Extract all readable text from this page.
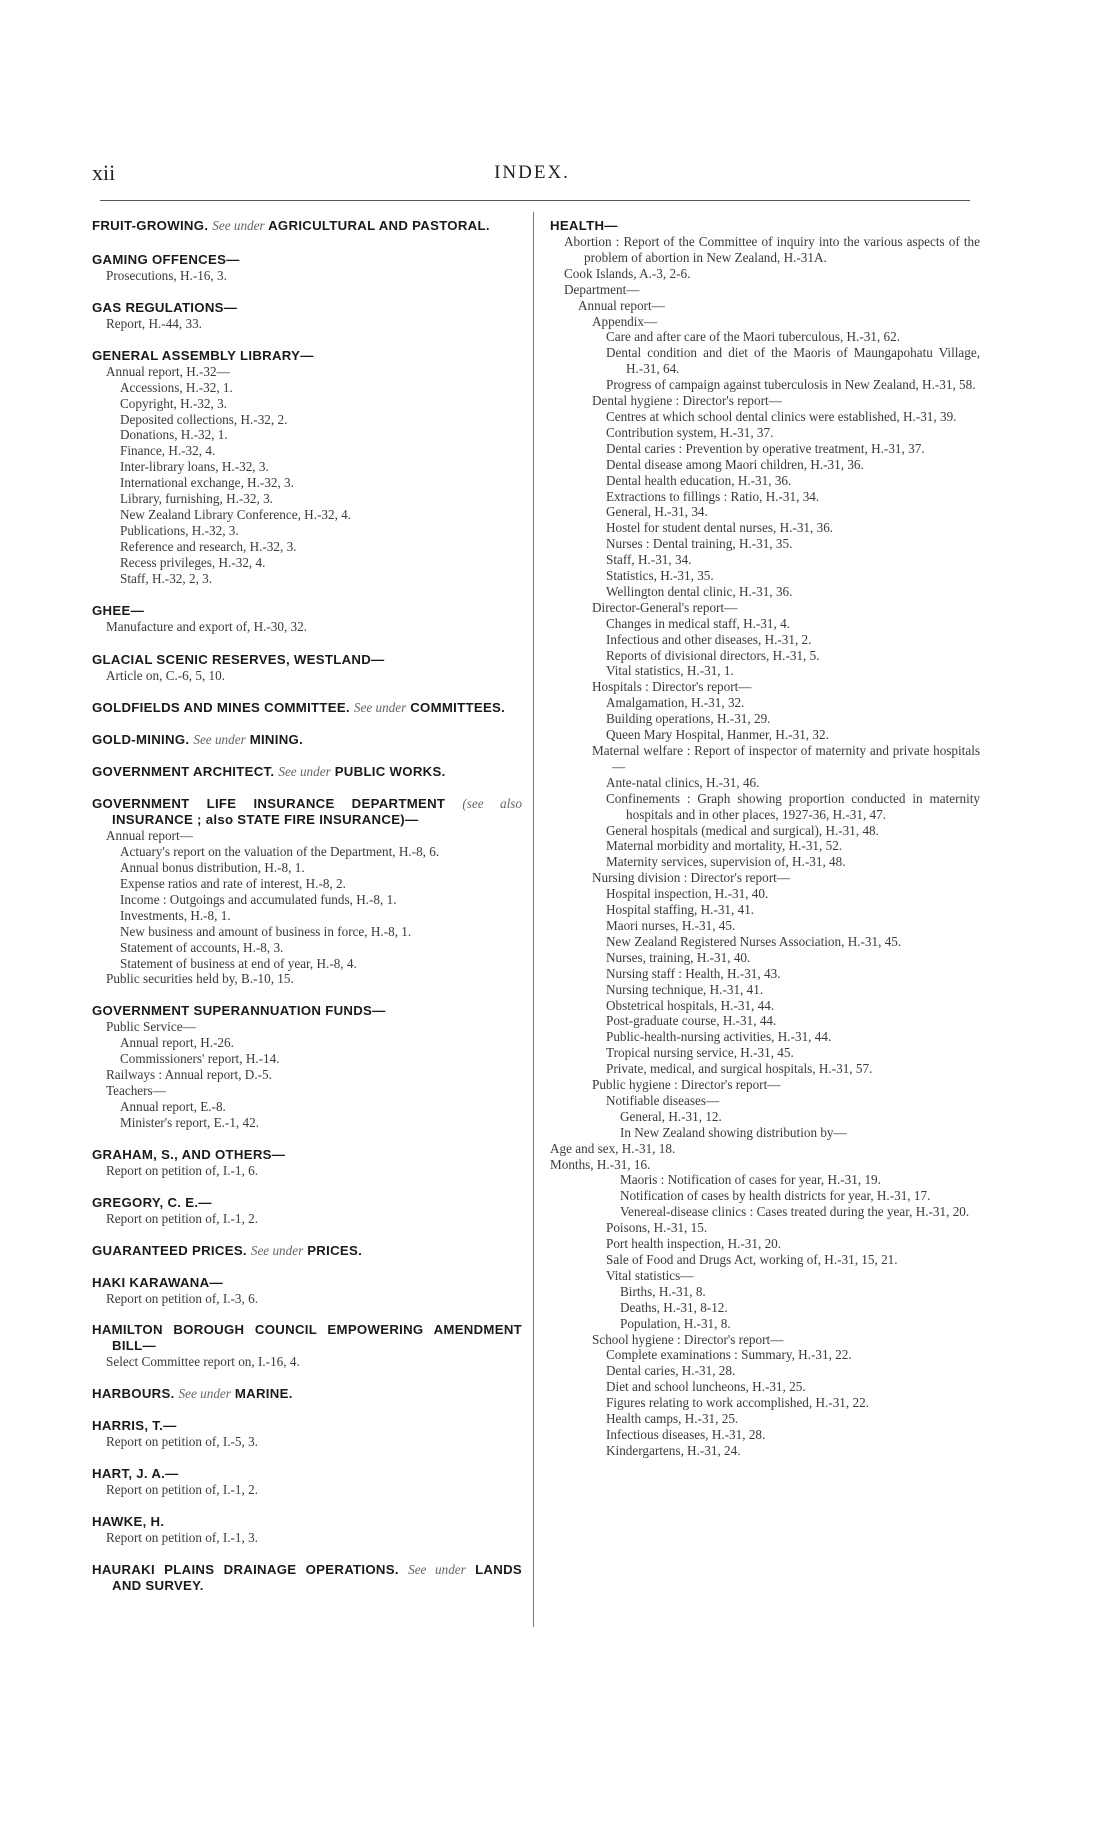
xii	INDEX.
FRUIT-GROWING. See under AGRICULTURAL AND PASTORAL.
GAMING OFFENCES—
Prosecutions, H.-16, 3.
GAS REGULATIONS—
Report, H.-44, 33.
GENERAL ASSEMBLY LIBRARY—
Annual report, H.-32—
Accessions, H.-32, 1.
Copyright, H.-32, 3.
Deposited collections, H.-32, 2.
Donations, H.-32, 1.
Finance, H.-32, 4.
Inter-library loans, H.-32, 3.
International exchange, H.-32, 3.
Library, furnishing, H.-32, 3.
New Zealand Library Conference, H.-32, 4.
Publications, H.-32, 3.
Reference and research, H.-32, 3.
Recess privileges, H.-32, 4.
Staff, H.-32, 2, 3.
GHEE—
Manufacture and export of, H.-30, 32.
GLACIAL SCENIC RESERVES, WESTLAND—
Article on, C.-6, 5, 10.
GOLDFIELDS AND MINES COMMITTEE. See under COMMITTEES.
GOLD-MINING. See under MINING.
GOVERNMENT ARCHITECT. See under PUBLIC WORKS.
GOVERNMENT LIFE INSURANCE DEPARTMENT (see also INSURANCE ; also STATE FIRE INSURANCE)—
Annual report—
Actuary's report on the valuation of the Department, H.-8, 6.
Annual bonus distribution, H.-8, 1.
Expense ratios and rate of interest, H.-8, 2.
Income : Outgoings and accumulated funds, H.-8, 1.
Investments, H.-8, 1.
New business and amount of business in force, H.-8, 1.
Statement of accounts, H.-8, 3.
Statement of business at end of year, H.-8, 4.
Public securities held by, B.-10, 15.
GOVERNMENT SUPERANNUATION FUNDS—
Public Service—
Annual report, H.-26.
Commissioners' report, H.-14.
Railways : Annual report, D.-5.
Teachers—
Annual report, E.-8.
Minister's report, E.-1, 42.
GRAHAM, S., AND OTHERS—
Report on petition of, I.-1, 6.
GREGORY, C. E.—
Report on petition of, I.-1, 2.
GUARANTEED PRICES. See under PRICES.
HAKI KARAWANA—
Report on petition of, I.-3, 6.
HAMILTON BOROUGH COUNCIL EMPOWERING AMENDMENT BILL—
Select Committee report on, I.-16, 4.
HARBOURS. See under MARINE.
HARRIS, T.—
Report on petition of, I.-5, 3.
HART, J. A.—
Report on petition of, I.-1, 2.
HAWKE, H.
Report on petition of, I.-1, 3.
HAURAKI PLAINS DRAINAGE OPERATIONS. See under LANDS AND SURVEY.
HEALTH—
Abortion : Report of the Committee of inquiry into the various aspects of the problem of abortion in New Zealand, H.-31A.
Cook Islands, A.-3, 2-6.
Department—
Annual report—
Appendix—
Care and after care of the Maori tuberculous, H.-31, 62.
Dental condition and diet of the Maoris of Maungapohatu Village, H.-31, 64.
Progress of campaign against tuberculosis in New Zealand, H.-31, 58.
Dental hygiene : Director's report—
Centres at which school dental clinics were established, H.-31, 39.
Contribution system, H.-31, 37.
Dental caries : Prevention by operative treatment, H.-31, 37.
Dental disease among Maori children, H.-31, 36.
Dental health education, H.-31, 36.
Extractions to fillings : Ratio, H.-31, 34.
General, H.-31, 34.
Hostel for student dental nurses, H.-31, 36.
Nurses : Dental training, H.-31, 35.
Staff, H.-31, 34.
Statistics, H.-31, 35.
Wellington dental clinic, H.-31, 36.
Director-General's report—
Changes in medical staff, H.-31, 4.
Infectious and other diseases, H.-31, 2.
Reports of divisional directors, H.-31, 5.
Vital statistics, H.-31, 1.
Hospitals : Director's report—
Amalgamation, H.-31, 32.
Building operations, H.-31, 29.
Queen Mary Hospital, Hanmer, H.-31, 32.
Maternal welfare : Report of inspector of maternity and private hospitals—
Ante-natal clinics, H.-31, 46.
Confinements : Graph showing proportion conducted in maternity hospitals and in other places, 1927-36, H.-31, 47.
General hospitals (medical and surgical), H.-31, 48.
Maternal morbidity and mortality, H.-31, 52.
Maternity services, supervision of, H.-31, 48.
Nursing division : Director's report—
Hospital inspection, H.-31, 40.
Hospital staffing, H.-31, 41.
Maori nurses, H.-31, 45.
New Zealand Registered Nurses Association, H.-31, 45.
Nurses, training, H.-31, 40.
Nursing staff : Health, H.-31, 43.
Nursing technique, H.-31, 41.
Obstetrical hospitals, H.-31, 44.
Post-graduate course, H.-31, 44.
Public-health-nursing activities, H.-31, 44.
Tropical nursing service, H.-31, 45.
Private, medical, and surgical hospitals, H.-31, 57.
Public hygiene : Director's report—
Notifiable diseases—
General, H.-31, 12.
In New Zealand showing distribution by—
Age and sex, H.-31, 18.
Months, H.-31, 16.
Maoris : Notification of cases for year, H.-31, 19.
Notification of cases by health districts for year, H.-31, 17.
Venereal-disease clinics : Cases treated during the year, H.-31, 20.
Poisons, H.-31, 15.
Port health inspection, H.-31, 20.
Sale of Food and Drugs Act, working of, H.-31, 15, 21.
Vital statistics—
Births, H.-31, 8.
Deaths, H.-31, 8-12.
Population, H.-31, 8.
School hygiene : Director's report—
Complete examinations : Summary, H.-31, 22.
Dental caries, H.-31, 28.
Diet and school luncheons, H.-31, 25.
Figures relating to work accomplished, H.-31, 22.
Health camps, H.-31, 25.
Infectious diseases, H.-31, 28.
Kindergartens, H.-31, 24.
